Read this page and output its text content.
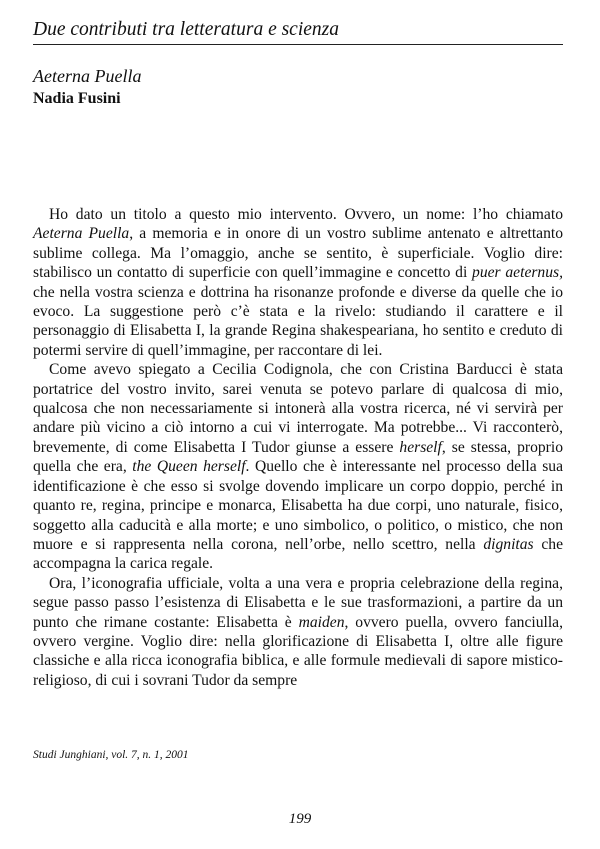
Due contributi tra letteratura e scienza
Aeterna Puella
Nadia Fusini

Ho dato un titolo a questo mio intervento. Ovvero, un nome: l’ho chiamato Aeterna Puella, a memoria e in onore di un vostro sublime antenato e altrettanto sublime collega. Ma l’omaggio, anche se sentito, è superficiale. Voglio dire: stabilisco un contatto di superficie con quell’immagine e concetto di puer aeternus, che nella vostra scienza e dottrina ha risonanze profonde e diverse da quelle che io evoco. La suggestione però c’è stata e la rivelo: studiando il carattere e il personaggio di Elisabetta I, la grande Regina shakespeariana, ho sentito e creduto di potermi servire di quell’immagine, per raccontare di lei.

Come avevo spiegato a Cecilia Codignola, che con Cristina Barducci è stata portatrice del vostro invito, sarei venuta se potevo parlare di qualcosa di mio, qualcosa che non necessariamente si intonerà alla vostra ricerca, né vi servirà per andare più vicino a ciò intorno a cui vi interrogate. Ma potrebbe... Vi racconterò, brevemente, di come Elisabetta I Tudor giunse a essere herself, se stessa, proprio quella che era, the Queen herself. Quello che è interessante nel processo della sua identificazione è che esso si svolge dovendo implicare un corpo doppio, perché in quanto re, regina, principe e monarca, Elisabetta ha due corpi, uno naturale, fisico, soggetto alla caducità e alla morte; e uno simbolico, o politico, o mistico, che non muore e si rappresenta nella corona, nell’orbe, nello scettro, nella dignitas che accompagna la carica regale.

Ora, l’iconografia ufficiale, volta a una vera e propria celebrazione della regina, segue passo passo l’esistenza di Elisabetta e le sue trasformazioni, a partire da un punto che rimane costante: Elisabetta è maiden, ovvero puella, ovvero fanciulla, ovvero vergine. Voglio dire: nella glorificazione di Elisabetta I, oltre alle figure classiche e alla ricca iconografia biblica, e alle formule medievali di sapore mistico-religioso, di cui i sovrani Tudor da sempre

Studi Junghiani, vol. 7, n. 1, 2001
199
